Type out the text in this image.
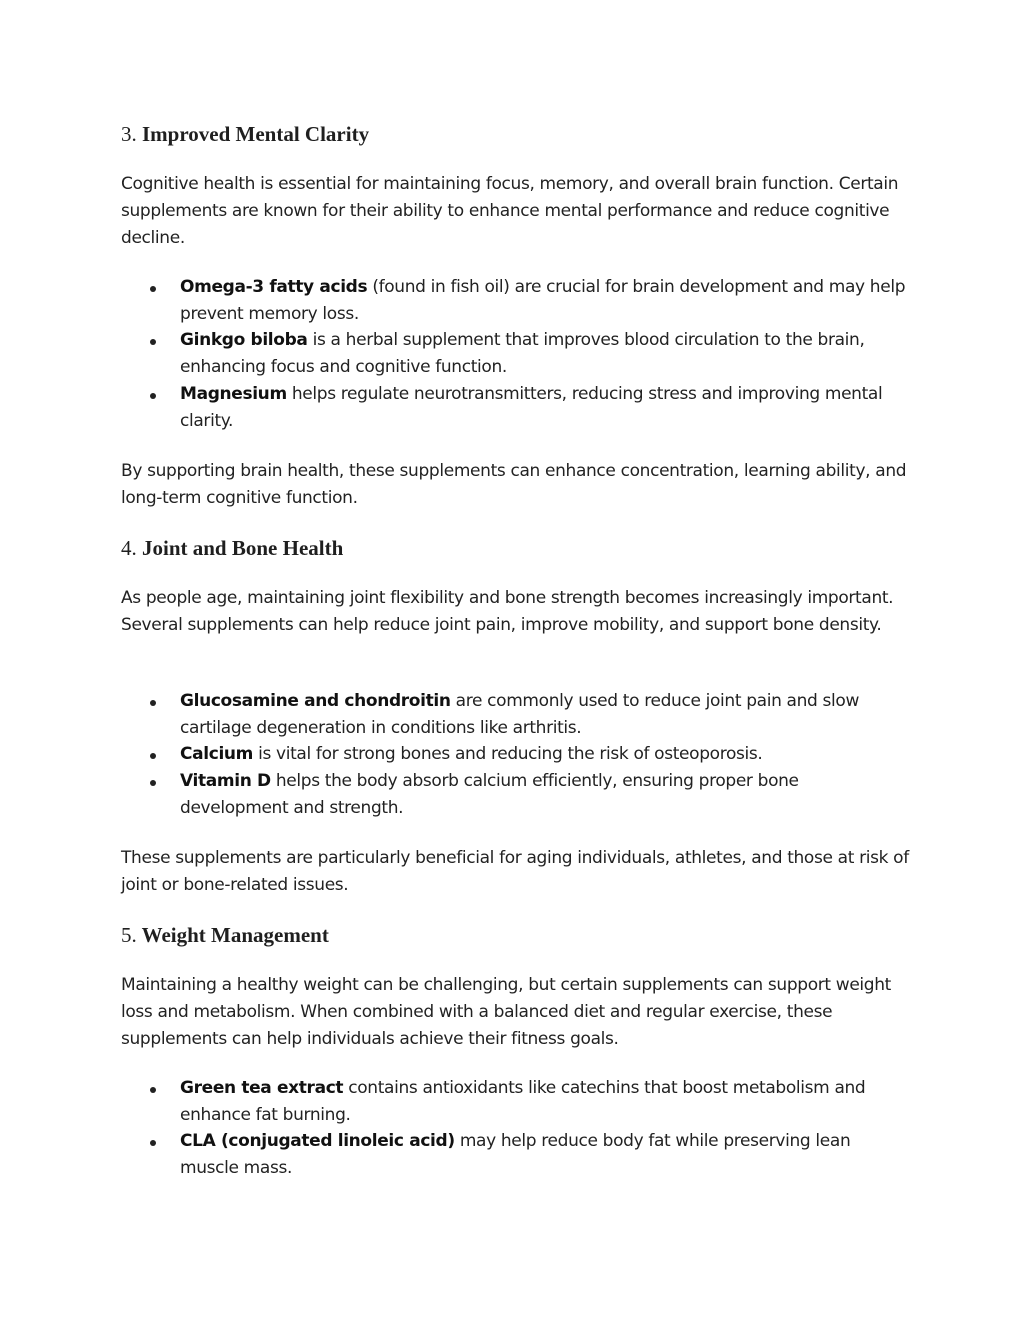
3. Improved Mental Clarity

Cognitive health is essential for maintaining focus, memory, and overall brain function. Certain supplements are known for their ability to enhance mental performance and reduce cognitive decline.

Omega-3 fatty acids (found in fish oil) are crucial for brain development and may help prevent memory loss.
Ginkgo biloba is a herbal supplement that improves blood circulation to the brain, enhancing focus and cognitive function.
Magnesium helps regulate neurotransmitters, reducing stress and improving mental clarity.

By supporting brain health, these supplements can enhance concentration, learning ability, and long-term cognitive function.

4. Joint and Bone Health

As people age, maintaining joint flexibility and bone strength becomes increasingly important. Several supplements can help reduce joint pain, improve mobility, and support bone density.

Glucosamine and chondroitin are commonly used to reduce joint pain and slow cartilage degeneration in conditions like arthritis.
Calcium is vital for strong bones and reducing the risk of osteoporosis.
Vitamin D helps the body absorb calcium efficiently, ensuring proper bone development and strength.

These supplements are particularly beneficial for aging individuals, athletes, and those at risk of joint or bone-related issues.

5. Weight Management

Maintaining a healthy weight can be challenging, but certain supplements can support weight loss and metabolism. When combined with a balanced diet and regular exercise, these supplements can help individuals achieve their fitness goals.

Green tea extract contains antioxidants like catechins that boost metabolism and enhance fat burning.
CLA (conjugated linoleic acid) may help reduce body fat while preserving lean muscle mass.
